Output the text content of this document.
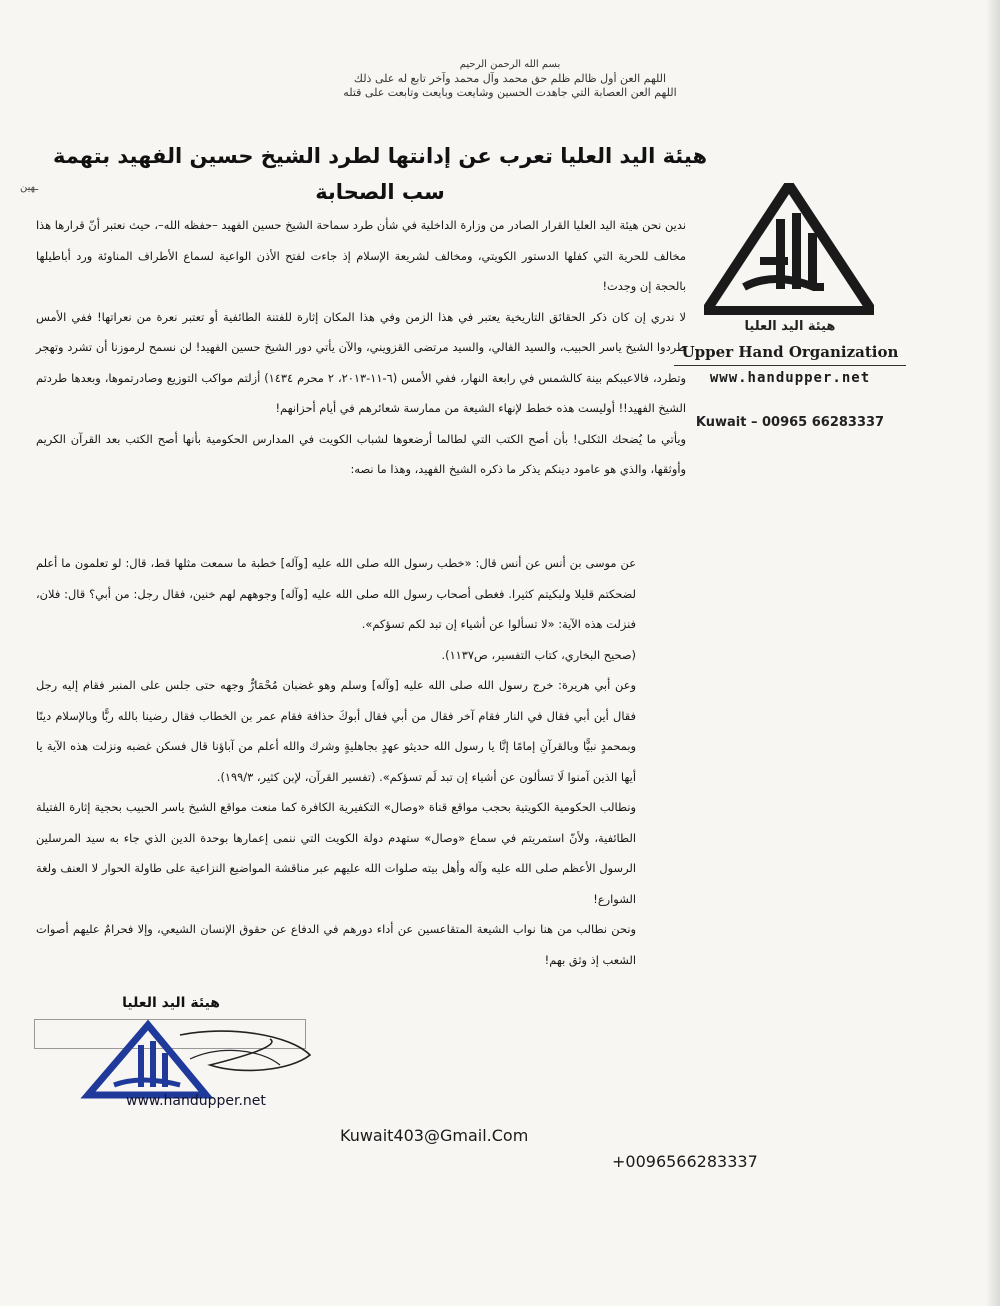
بسم الله الرحمن الرحيم
اللهم العن أول ظالم ظلم حق محمد وآل محمد وآخر تابع له على ذلك
اللهم العن العصابة التي جاهدت الحسين وشايعت وبايعت وتابعت على قتله
هيئة اليد العليا تعرب عن إدانتها لطرد الشيخ حسين الفهيد بتهمة سب الصحابة
ـهين
هيئة اليد العليا
Upper Hand Organization
www.handupper.net
Kuwait – 00965 66283337

ندين نحن هيئة اليد العليا القرار الصادر من وزارة الداخلية في شأن طرد سماحة الشيخ حسين الفهيد –حفظه الله–، حيث نعتبر أنّ قرارها هذا مخالف للحرية التي كفلها الدستور الكويتي، ومخالف لشريعة الإسلام إذ جاءت لفتح الأذن الواعية لسماع الأطراف المناوئة ورد أباطيلها بالحجة إن وجدت!

لا ندري إن كان ذكر الحقائق التاريخية يعتبر في هذا الزمن وفي هذا المكان إثارة للفتنة الطائفية أو تعتبر نعرة من نعراتها! ففي الأمس طردوا الشيخ ياسر الحبيب، والسيد الفالي، والسيد مرتضى القزويني، والآن يأتي دور الشيخ حسين الفهيد! لن نسمح لرموزنا أن تشرد وتهجر وتطرد، فالاعيبكم بينة كالشمس في رابعة النهار، ففي الأمس (٦-١١-٢٠١٣، ٢ محرم ١٤٣٤) أزلتم مواكب التوزيع وصادرتموها، وبعدها طردتم الشيخ الفهيد!! أوليست هذه خطط لإنهاء الشيعة من ممارسة شعائرهم في أيام أحزانهم!

ويأتي ما يُضحك الثكلى! بأن أصح الكتب التي لطالما أرضعوها لشباب الكويت في المدارس الحكومية بأنها أصح الكتب بعد القرآن الكريم وأوثقها، والذي هو عامود دينكم يذكر ما ذكره الشيخ الفهيد، وهذا ما نصه:

عن موسى بن أنس عن أنس قال: «خطب رسول الله صلى الله عليه [وآله] خطبة ما سمعت مثلها قط، قال: لو تعلمون ما أعلم لضحكتم قليلا ولبكيتم كثيرا. فغطى أصحاب رسول الله صلى الله عليه [وآله] وجوههم لهم خنين، فقال رجل: من أبي؟ قال: فلان، فنزلت هذه الآية: «لا تسألوا عن أشياء إن تبد لكم تسؤكم».

(صحيح البخاري، كتاب التفسير، ص١١٣٧).

وعن أبي هريرة: خرج رسول الله صلى الله عليه [وآله] وسلم وهو غضبان مُحْمَارٌّ وجهه حتى جلس على المنبر فقام إليه رجل فقال أين أبي فقال في النار فقام آخر فقال من أبي فقال أبوكَ حذافة فقام عمر بن الخطاب فقال رضينا بالله ربًّا وبالإسلام دينًا وبمحمدٍ نبيًّا وبالقرآنِ إمامًا إنَّا يا رسول الله حديثو عهدٍ بجاهليةٍ وشرك والله أعلم من آباؤنا قال فسكن غضبه ونزلت هذه الآية يا أيها الذين آمنوا لَا تسألون عن أشياء إن تبد لَم تسؤكم». (تفسير القرآن، لإبن كثير، ١٩٩/٣).

ونطالب الحكومية الكويتية بحجب مواقع قناة «وصال» التكفيرية الكافرة كما منعت مواقع الشيخ ياسر الحبيب بحجية إثارة الفتيلة الطائفية، ولأنّ استمريتم في سماع «وصال» ستهدم دولة الكويت التي ننمى إعمارها بوحدة الدين الذي جاء به سيد المرسلين الرسول الأعظم صلى الله عليه وآله وأهل بيته صلوات الله عليهم عبر مناقشة المواضيع النزاعية على طاولة الحوار لا العنف ولغة الشوارع!

ونحن نطالب من هنا نواب الشيعة المتقاعسين عن أداء دورهم في الدفاع عن حقوق الإنسان الشيعي، وإلا فحرامٌ عليهم أصوات الشعب إذ وثق بهم!

هيئة اليد العليا
www.handupper.net
Kuwait403@Gmail.Com
+0096566283337
